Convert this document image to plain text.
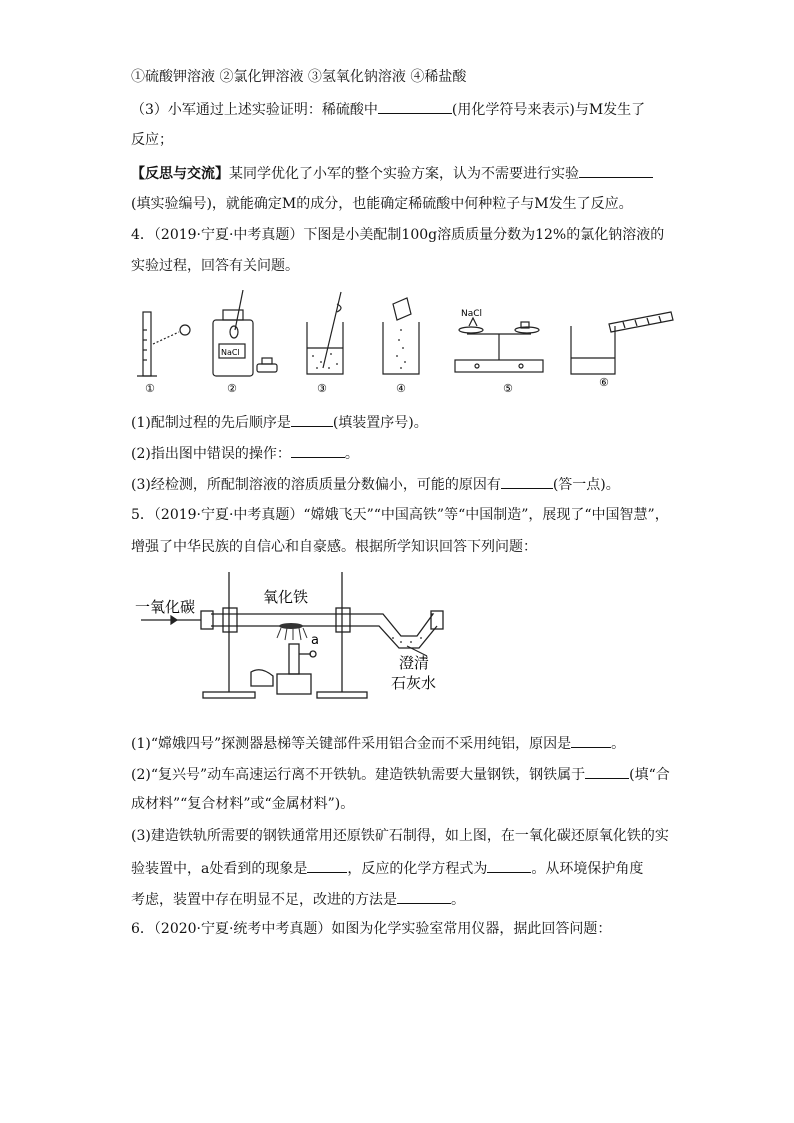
①硫酸钾溶液 ②氯化钾溶液 ③氢氧化钠溶液 ④稀盐酸
（3）小军通过上述实验证明：稀硫酸中	(用化学符号来表示)与M发生了
反应；
【反思与交流】某同学优化了小军的整个实验方案，认为不需要进行实验
(填实验编号)，就能确定M的成分，也能确定稀硫酸中何种粒子与M发生了反应。
4．（2019·宁夏·中考真题）下图是小美配制100g溶质质量分数为12%的氯化钠溶液的
实验过程，回答有关问题。
①
NaCl
②	③	④
NaCl
⑤	⑥
(1)配制过程的先后顺序是	(填装置序号)。
(2)指出图中错误的操作：	。
(3)经检测，所配制溶液的溶质质量分数偏小，可能的原因有	(答一点)。
5．（2019·宁夏·中考真题）“嫦娥飞天”“中国高铁”等“中国制造”，展现了“中国智慧”，
增强了中华民族的自信心和自豪感。根据所学知识回答下列问题：
一氧化碳
氧化铁
a
澄清
石灰水
(1)“嫦娥四号”探测器悬梯等关键部件采用铝合金而不采用纯铝，原因是	。
(2)“复兴号”动车高速运行离不开铁轨。建造铁轨需要大量钢铁，钢铁属于	(填“合
成材料”“复合材料”或“金属材料”)。
(3)建造铁轨所需要的钢铁通常用还原铁矿石制得，如上图，在一氧化碳还原氧化铁的实
验装置中，a处看到的现象是	，反应的化学方程式为	。从环境保护角度
考虑，装置中存在明显不足，改进的方法是	。
6．（2020·宁夏·统考中考真题）如图为化学实验室常用仪器，据此回答问题：
